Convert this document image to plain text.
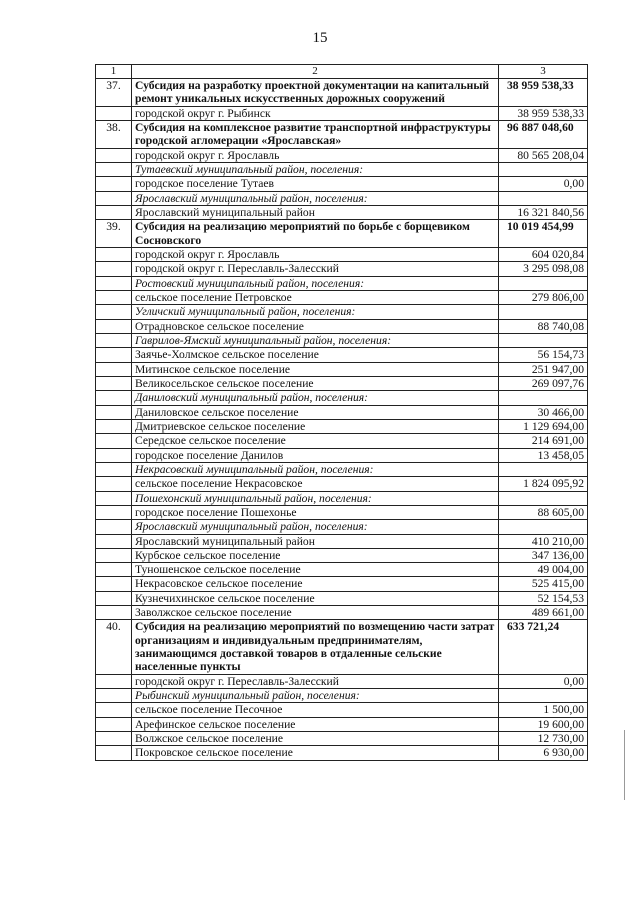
15
1	2	3
37.	Субсидия на разработку проектной документации на капитальный ремонт уникальных искусственных дорожных сооружений	38 959 538,33
	городской округ г. Рыбинск	38 959 538,33
38.	Субсидия на комплексное развитие транспортной инфраструктуры городской агломерации «Ярославская»	96 887 048,60
	городской округ г. Ярославль	80 565 208,04
	Тутаевский муниципальный район, поселения:	
	городское поселение Тутаев	0,00
	Ярославский муниципальный район, поселения:	
	Ярославский муниципальный район	16 321 840,56
39.	Субсидия на реализацию мероприятий по борьбе с борщевиком Сосновского	10 019 454,99
	городской округ г. Ярославль	604 020,84
	городской округ г. Переславль-Залесский	3 295 098,08
	Ростовский муниципальный район, поселения:	
	сельское поселение Петровское	279 806,00
	Угличский муниципальный район, поселения:	
	Отрадновское сельское поселение	88 740,08
	Гаврилов-Ямский муниципальный район, поселения:	
	Заячье-Холмское сельское поселение	56 154,73
	Митинское сельское поселение	251 947,00
	Великосельское сельское поселение	269 097,76
	Даниловский муниципальный район, поселения:	
	Даниловское сельское поселение	30 466,00
	Дмитриевское сельское поселение	1 129 694,00
	Середское сельское поселение	214 691,00
	городское поселение Данилов	13 458,05
	Некрасовский муниципальный район, поселения:	
	сельское поселение Некрасовское	1 824 095,92
	Пошехонский муниципальный район, поселения:	
	городское поселение Пошехонье	88 605,00
	Ярославский муниципальный район, поселения:	
	Ярославский муниципальный район	410 210,00
	Курбское сельское поселение	347 136,00
	Туношенское сельское поселение	49 004,00
	Некрасовское сельское поселение	525 415,00
	Кузнечихинское сельское поселение	52 154,53
	Заволжское сельское поселение	489 661,00
40.	Субсидия на реализацию мероприятий по возмещению части затрат организациям и индивидуальным предпринимателям, занимающимся доставкой товаров в отдаленные сельские населенные пункты	633 721,24
	городской округ г. Переславль-Залесский	0,00
	Рыбинский муниципальный район, поселения:	
	сельское поселение Песочное	1 500,00
	Арефинское сельское поселение	19 600,00
	Волжское сельское поселение	12 730,00
	Покровское сельское поселение	6 930,00
